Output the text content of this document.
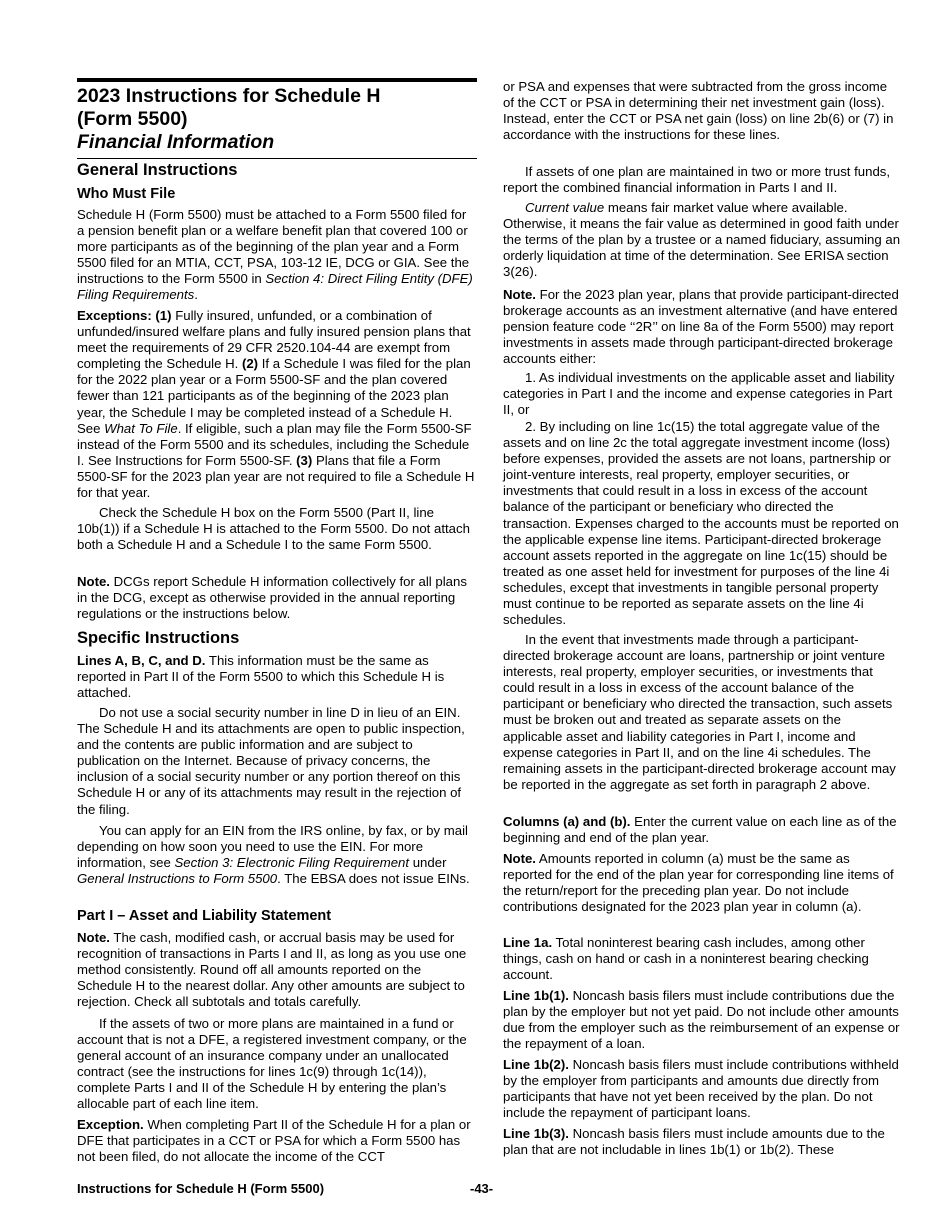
2023 Instructions for Schedule H

(Form 5500)

Financial Information

General Instructions

Who Must File

Schedule H (Form 5500) must be attached to a Form 5500 filed for a pension benefit plan or a welfare benefit plan that covered 100 or more participants as of the beginning of the plan year and a Form 5500 filed for an MTIA, CCT, PSA, 103-12 IE, DCG or GIA. See the instructions to the Form 5500 in Section 4: Direct Filing Entity (DFE) Filing Requirements.

Exceptions: (1) Fully insured, unfunded, or a combination of unfunded/insured welfare plans and fully insured pension plans that meet the requirements of 29 CFR 2520.104-44 are exempt from completing the Schedule H. (2) If a Schedule I was filed for the plan for the 2022 plan year or a Form 5500-SF and the plan covered fewer than 121 participants as of the beginning of the 2023 plan year, the Schedule I may be completed instead of a Schedule H. See What To File. If eligible, such a plan may file the Form 5500-SF instead of the Form 5500 and its schedules, including the Schedule I. See Instructions for Form 5500-SF. (3) Plans that file a Form 5500-SF for the 2023 plan year are not required to file a Schedule H for that year.

Check the Schedule H box on the Form 5500 (Part II, line 10b(1)) if a Schedule H is attached to the Form 5500. Do not attach both a Schedule H and a Schedule I to the same Form 5500.

Note. DCGs report Schedule H information collectively for all plans in the DCG, except as otherwise provided in the annual reporting regulations or the instructions below.

Specific Instructions

Lines A, B, C, and D. This information must be the same as reported in Part II of the Form 5500 to which this Schedule H is attached.

Do not use a social security number in line D in lieu of an EIN. The Schedule H and its attachments are open to public inspection, and the contents are public information and are subject to publication on the Internet. Because of privacy concerns, the inclusion of a social security number or any portion thereof on this Schedule H or any of its attachments may result in the rejection of the filing.

You can apply for an EIN from the IRS online, by fax, or by mail depending on how soon you need to use the EIN. For more information, see Section 3: Electronic Filing Requirement under General Instructions to Form 5500. The EBSA does not issue EINs.

Part I – Asset and Liability Statement

Note. The cash, modified cash, or accrual basis may be used for recognition of transactions in Parts I and II, as long as you use one method consistently. Round off all amounts reported on the Schedule H to the nearest dollar. Any other amounts are subject to rejection. Check all subtotals and totals carefully.

If the assets of two or more plans are maintained in a fund or account that is not a DFE, a registered investment company, or the general account of an insurance company under an unallocated contract (see the instructions for lines 1c(9) through 1c(14)), complete Parts I and II of the Schedule H by entering the plan’s allocable part of each line item.

Exception. When completing Part II of the Schedule H for a plan or DFE that participates in a CCT or PSA for which a Form 5500 has not been filed, do not allocate the income of the CCT

or PSA and expenses that were subtracted from the gross income of the CCT or PSA in determining their net investment gain (loss). Instead, enter the CCT or PSA net gain (loss) on line 2b(6) or (7) in accordance with the instructions for these lines.

If assets of one plan are maintained in two or more trust funds, report the combined financial information in Parts I and II.

Current value means fair market value where available. Otherwise, it means the fair value as determined in good faith under the terms of the plan by a trustee or a named fiduciary, assuming an orderly liquidation at time of the determination. See ERISA section 3(26).

Note. For the 2023 plan year, plans that provide participant-directed brokerage accounts as an investment alternative (and have entered pension feature code ‘‘2R’’ on line 8a of the Form 5500) may report investments in assets made through participant-directed brokerage accounts either:

1. As individual investments on the applicable asset and liability categories in Part I and the income and expense categories in Part II, or

2. By including on line 1c(15) the total aggregate value of the assets and on line 2c the total aggregate investment income (loss) before expenses, provided the assets are not loans, partnership or joint-venture interests, real property, employer securities, or investments that could result in a loss in excess of the account balance of the participant or beneficiary who directed the transaction. Expenses charged to the accounts must be reported on the applicable expense line items. Participant-directed brokerage account assets reported in the aggregate on line 1c(15) should be treated as one asset held for investment for purposes of the line 4i schedules, except that investments in tangible personal property must continue to be reported as separate assets on the line 4i schedules.

In the event that investments made through a participant-directed brokerage account are loans, partnership or joint venture interests, real property, employer securities, or investments that could result in a loss in excess of the account balance of the participant or beneficiary who directed the transaction, such assets must be broken out and treated as separate assets on the applicable asset and liability categories in Part I, income and expense categories in Part II, and on the line 4i schedules. The remaining assets in the participant-directed brokerage account may be reported in the aggregate as set forth in paragraph 2 above.

Columns (a) and (b). Enter the current value on each line as of the beginning and end of the plan year.

Note. Amounts reported in column (a) must be the same as reported for the end of the plan year for corresponding line items of the return/report for the preceding plan year. Do not include contributions designated for the 2023 plan year in column (a).

Line 1a. Total noninterest bearing cash includes, among other things, cash on hand or cash in a noninterest bearing checking account.

Line 1b(1). Noncash basis filers must include contributions due the plan by the employer but not yet paid. Do not include other amounts due from the employer such as the reimbursement of an expense or the repayment of a loan.

Line 1b(2). Noncash basis filers must include contributions withheld by the employer from participants and amounts due directly from participants that have not yet been received by the plan. Do not include the repayment of participant loans.

Line 1b(3). Noncash basis filers must include amounts due to the plan that are not includable in lines 1b(1) or 1b(2). These

Instructions for Schedule H (Form 5500)	-43-
